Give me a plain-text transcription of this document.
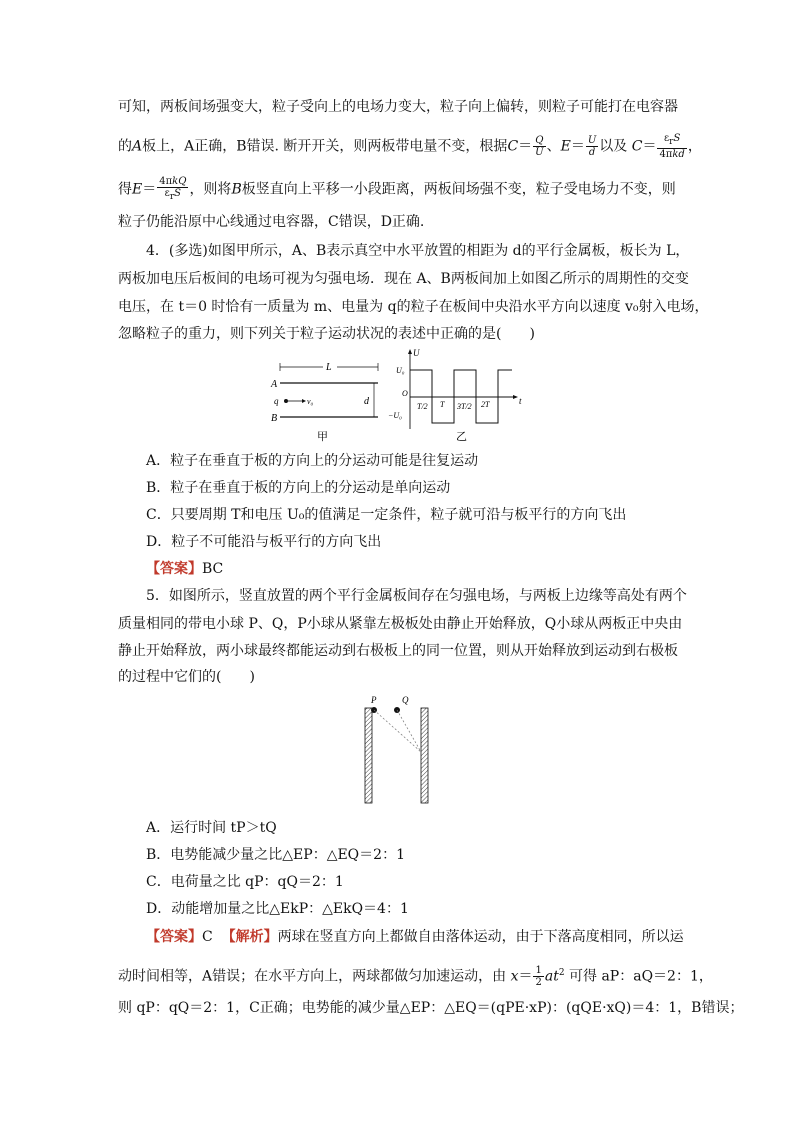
可知，两板间场强变大，粒子受向上的电场力变大，粒子向上偏转，则粒子可能打在电容器
的A板上，A正确，B错误. 断开开关，则两板带电量不变，根据$C= \frac{Q}{U}$ 、$E= \frac{U}{d}$ 以及 $C= \frac{\varepsilon_rS}{\text{4πkd}}$ ，
得$E= \frac{\text{4πkQ}}{\varepsilon_rS}$ ，则将B板竖直向上平移一小段距离，两板间场强不变，粒子受电场力不变，则
粒子仍能沿原中心线通过电容器，C错误，D正确.
4．(多选)如图甲所示，A、B表示真空中水平放置的相距为 d的平行金属板，板长为 L，
两板加电压后板间的电场可视为匀强电场．现在 A、B两板间加上如图乙所示的周期性的交变
电压，在 t＝0 时恰有一质量为 m、电量为 q的粒子在板间中央沿水平方向以速度 v₀射入电场，
忽略粒子的重力，则下列关于粒子运动状况的表述中正确的是(　　)
A
B
L
d
q	v₀
甲
U
t
U₀
O
−U₀
T/2 T 3T/2 2T
乙
A．粒子在垂直于板的方向上的分运动可能是往复运动
B．粒子在垂直于板的方向上的分运动是单向运动
C．只要周期 T和电压 U₀的值满足一定条件，粒子就可沿与板平行的方向飞出
D．粒子不可能沿与板平行的方向飞出
【答案】BC
5．如图所示，竖直放置的两个平行金属板间存在匀强电场，与两板上边缘等高处有两个
质量相同的带电小球 P、Q，P小球从紧靠左极板处由静止开始释放，Q小球从两板正中央由
静止开始释放，两小球最终都能运动到右极板上的同一位置，则从开始释放到运动到右极板
的过程中它们的(　　)
P	Q
A．运行时间 tP＞tQ
B．电势能减少量之比△EP：△EQ＝2：1
C．电荷量之比 qP：qQ＝2：1
D．动能增加量之比△EkP：△EkQ＝4：1
【答案】C 【解析】两球在竖直方向上都做自由落体运动，由于下落高度相同，所以运
动时间相等，A错误；在水平方向上，两球都做匀加速运动，由 $x= \frac{1}{2} at^2$ 可得 aP：aQ＝2：1，
则 qP：qQ＝2：1，C正确；电势能的减少量△EP：△EQ＝(qPE·xP)：(qQE·xQ)＝4：1，B错误；
